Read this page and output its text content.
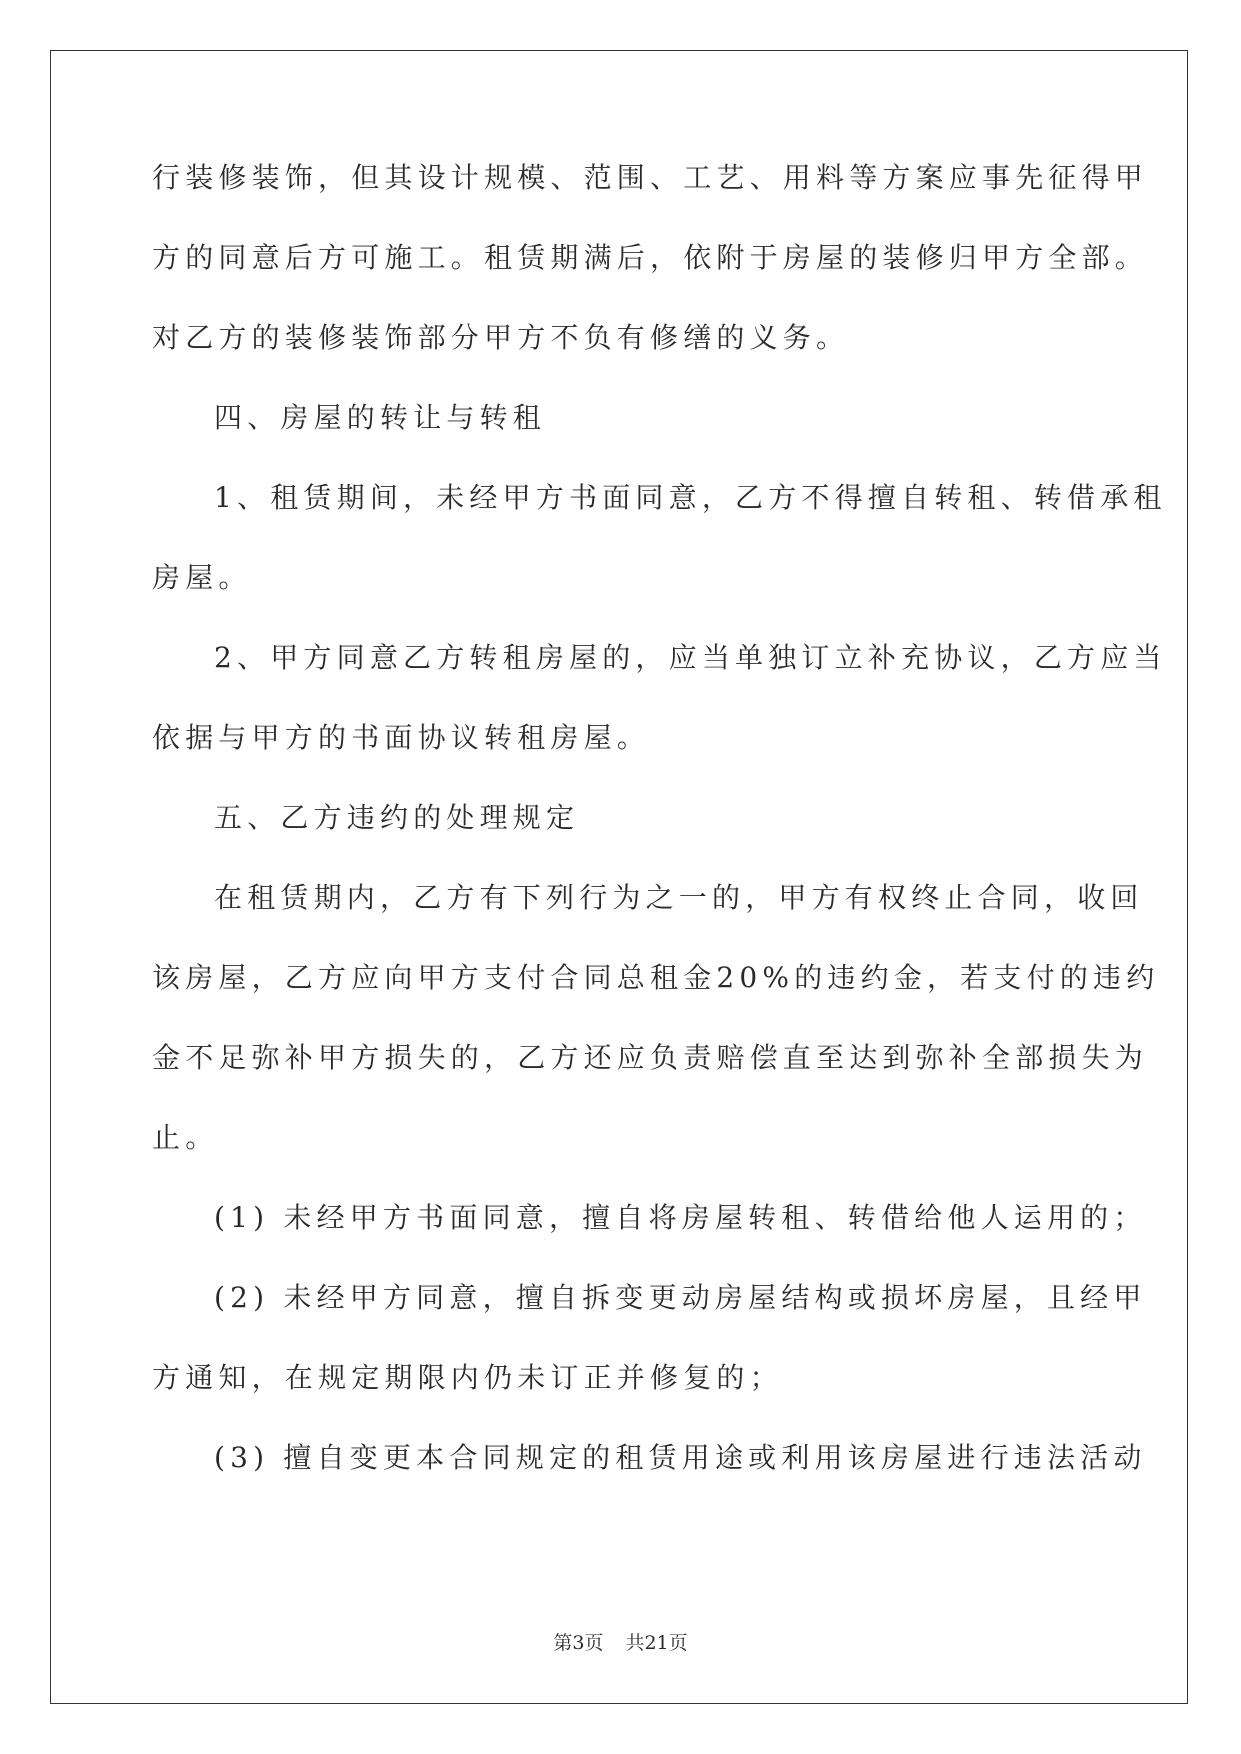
行装修装饰，但其设计规模、范围、工艺、用料等方案应事先征得甲
方的同意后方可施工。租赁期满后，依附于房屋的装修归甲方全部。
对乙方的装修装饰部分甲方不负有修缮的义务。
四、房屋的转让与转租
1、租赁期间，未经甲方书面同意，乙方不得擅自转租、转借承租
房屋。
2、甲方同意乙方转租房屋的，应当单独订立补充协议，乙方应当
依据与甲方的书面协议转租房屋。
五、乙方违约的处理规定
在租赁期内，乙方有下列行为之一的，甲方有权终止合同，收回
该房屋，乙方应向甲方支付合同总租金20%的违约金，若支付的违约
金不足弥补甲方损失的，乙方还应负责赔偿直至达到弥补全部损失为
止。
(1) 未经甲方书面同意，擅自将房屋转租、转借给他人运用的；
(2) 未经甲方同意，擅自拆变更动房屋结构或损坏房屋，且经甲
方通知，在规定期限内仍未订正并修复的；
(3) 擅自变更本合同规定的租赁用途或利用该房屋进行违法活动
第3页 共21页
